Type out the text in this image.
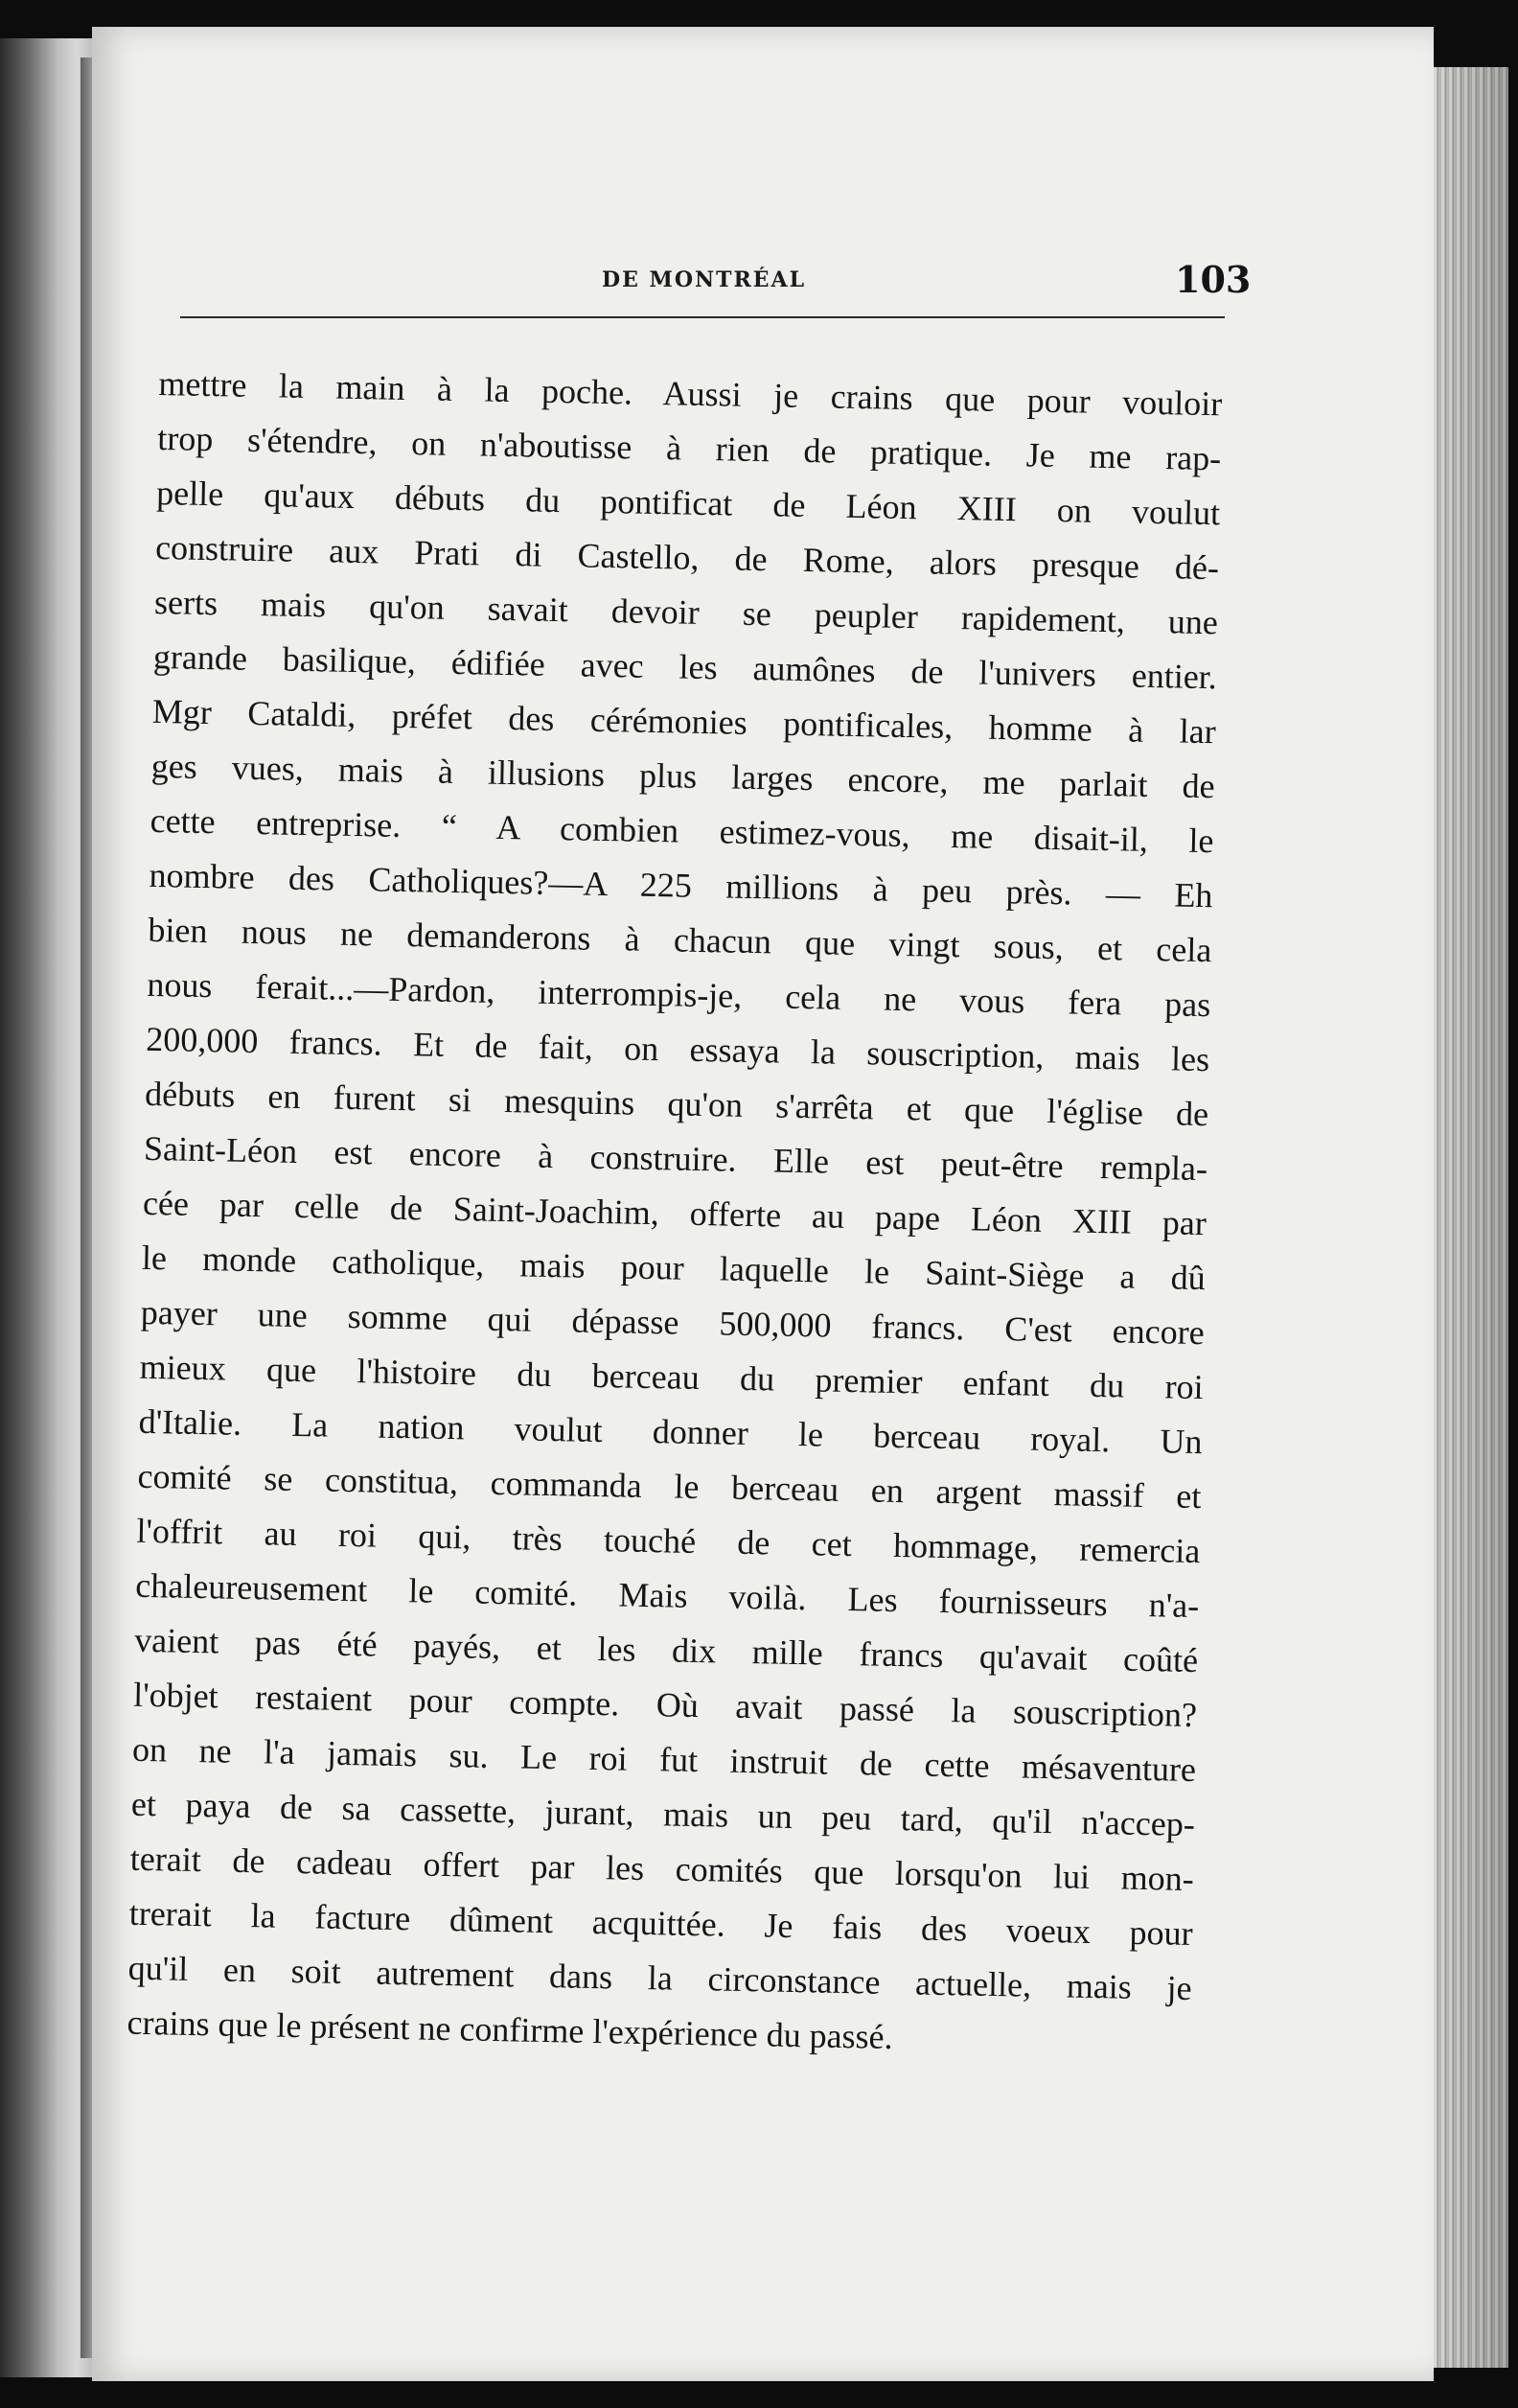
DE MONTRÉAL	103
mettre la main à la poche. Aussi je crains que pour vouloir
trop s'étendre, on n'aboutisse à rien de pratique. Je me rap-
pelle qu'aux débuts du pontificat de Léon XIII on voulut
construire aux Prati di Castello, de Rome, alors presque dé-
serts mais qu'on savait devoir se peupler rapidement, une
grande basilique, édifiée avec les aumônes de l'univers entier.
Mgr Cataldi, préfet des cérémonies pontificales, homme à lar
ges vues, mais à illusions plus larges encore, me parlait de
cette entreprise. “ A combien estimez-vous, me disait-il, le
nombre des Catholiques?—A 225 millions à peu près. — Eh
bien nous ne demanderons à chacun que vingt sous, et cela
nous ferait...—Pardon, interrompis-je, cela ne vous fera pas
200,000 francs. Et de fait, on essaya la souscription, mais les
débuts en furent si mesquins qu'on s'arrêta et que l'église de
Saint-Léon est encore à construire. Elle est peut-être rempla-
cée par celle de Saint-Joachim, offerte au pape Léon XIII par
le monde catholique, mais pour laquelle le Saint-Siège a dû
payer une somme qui dépasse 500,000 francs. C'est encore
mieux que l'histoire du berceau du premier enfant du roi
d'Italie. La nation voulut donner le berceau royal. Un
comité se constitua, commanda le berceau en argent massif et
l'offrit au roi qui, très touché de cet hommage, remercia
chaleureusement le comité. Mais voilà. Les fournisseurs n'a-
vaient pas été payés, et les dix mille francs qu'avait coûté
l'objet restaient pour compte. Où avait passé la souscription?
on ne l'a jamais su. Le roi fut instruit de cette mésaventure
et paya de sa cassette, jurant, mais un peu tard, qu'il n'accep-
terait de cadeau offert par les comités que lorsqu'on lui mon-
trerait la facture dûment acquittée. Je fais des voeux pour
qu'il en soit autrement dans la circonstance actuelle, mais je
crains que le présent ne confirme l'expérience du passé.
